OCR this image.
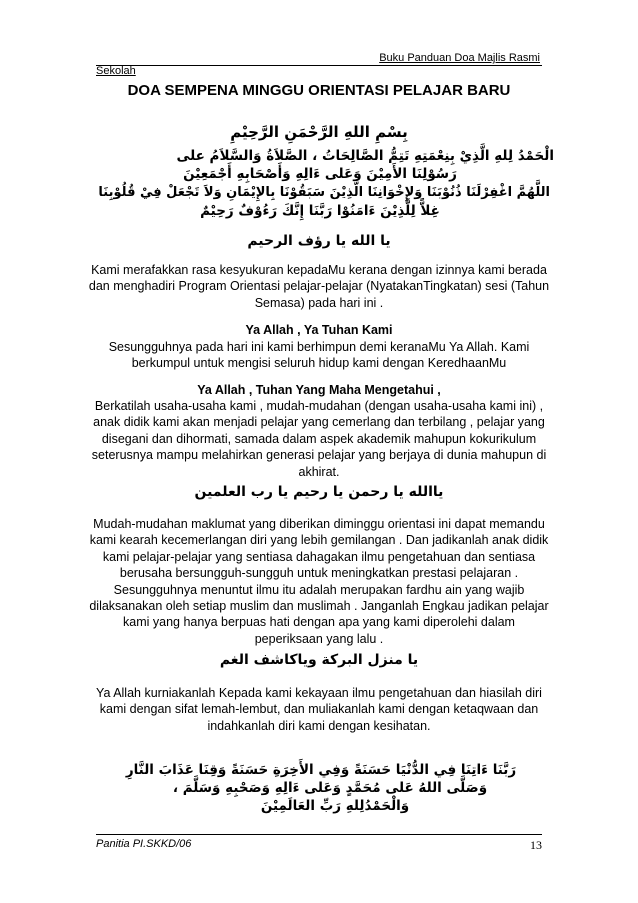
Buku Panduan Doa Majlis Rasmi
Sekolah
DOA SEMPENA MINGGU ORIENTASI PELAJAR BARU
بِسْمِ اللهِ الرَّحْمَنِ الرَّحِيْمِ
الْحَمْدُ لِلهِ الَّذِيْ بِنِعْمَتِهِ تَتِمُّ الصَّالِحَاتُ ، الصَّلاَةُ وَالسَّلاَمُ على
رَسُوْلِنَا الأَمِيْنَ وَعَلى ءَالِهِ وَأَصْحَابِهِ أَجْمَعِيْنَ
اللَّهُمَّ اغْفِرْلَنَا ذُنُوْبَنَا وَلإِخْوَانِنَا الَّذِيْنَ سَبَقُوْنَا بِالإِيْمَانِ وَلاَ تَجْعَلْ فِيْ قُلُوْبِنَا
غِلاًّ لِلَّذِيْنَ ءَامَنُوْا رَبَّنَا إِنَّكَ رَءُوْفٌ رَحِيْمٌ
يا الله يا رؤف الرحيم
Kami merafakkan rasa kesyukuran kepadaMu kerana dengan izinnya kami berada dan menghadiri Program Orientasi pelajar-pelajar (NyatakanTingkatan) sesi (Tahun Semasa) pada hari ini .
Ya Allah , Ya Tuhan Kami
Sesungguhnya pada hari ini kami berhimpun demi keranaMu Ya Allah. Kami berkumpul untuk mengisi seluruh hidup kami dengan KeredhaanMu
Ya Allah , Tuhan Yang Maha Mengetahui ,
Berkatilah usaha-usaha kami , mudah-mudahan (dengan usaha-usaha kami ini) , anak didik kami akan menjadi pelajar yang cemerlang dan terbilang , pelajar yang disegani dan dihormati, samada dalam aspek akademik mahupun kokurikulum seterusnya mampu melahirkan generasi pelajar yang berjaya di dunia mahupun di akhirat.
ياالله يا رحمن يا رحيم يا رب العلمين
Mudah-mudahan maklumat yang diberikan diminggu orientasi ini dapat memandu kami kearah kecemerlangan diri yang lebih gemilangan . Dan jadikanlah anak didik kami pelajar-pelajar yang sentiasa dahagakan ilmu pengetahuan dan sentiasa berusaha bersungguh-sungguh untuk meningkatkan prestasi pelajaran . Sesungguhnya menuntut ilmu itu adalah merupakan fardhu ain yang wajib dilaksanakan oleh setiap muslim dan muslimah . Janganlah Engkau jadikan pelajar kami yang hanya berpuas hati dengan apa yang kami diperolehi dalam peperiksaan yang lalu .
يا منزل البركة وياكاشف الغم
Ya Allah kurniakanlah Kepada kami kekayaan ilmu pengetahuan dan hiasilah diri kami dengan sifat lemah-lembut, dan muliakanlah kami dengan ketaqwaan dan indahkanlah diri kami dengan kesihatan.
رَبَّنَا ءَاتِنَا فِي الدُّنْيَا حَسَنَةً وَفِي الأَخِرَةِ حَسَنَةً وَقِنَا عَذَابَ النَّارِ
وَصَلَّى اللهُ عَلى مُحَمَّدٍ وَعَلى ءَالِهِ وَصَحْبِهِ وَسَلَّمَ ،
وَالْحَمْدُلِلهِ رَبِّ العَالَمِيْنَ
Panitia PI.SKKD/06	13
